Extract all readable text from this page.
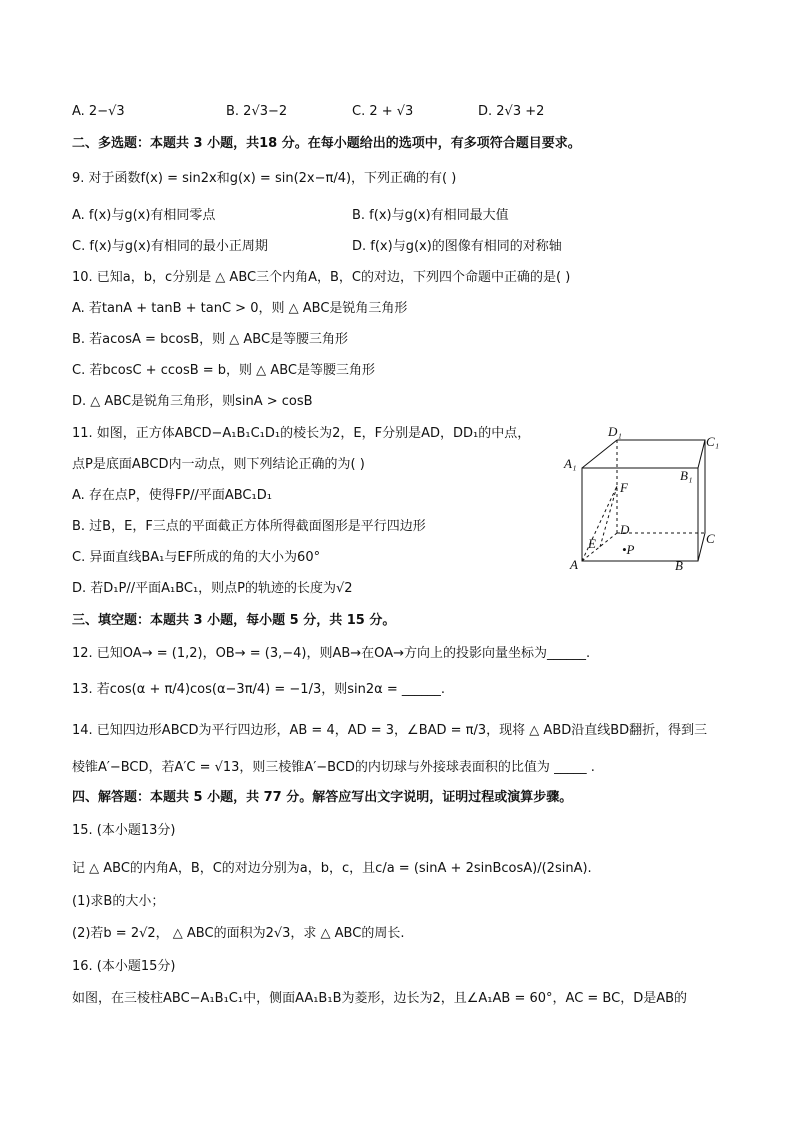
A. 2−√3	B. 2√3−2	C. 2 + √3	D. 2√3 +2
二、多选题：本题共 3 小题，共18 分。在每小题给出的选项中，有多项符合题目要求。
9. 对于函数f(x) = sin2x和g(x) = sin(2x−π/4)，下列正确的有( )
A. f(x)与g(x)有相同零点	B. f(x)与g(x)有相同最大值
C. f(x)与g(x)有相同的最小正周期	D. f(x)与g(x)的图像有相同的对称轴
10. 已知a，b，c分别是 △ ABC三个内角A，B，C的对边，下列四个命题中正确的是( )
A. 若tanA + tanB + tanC > 0，则 △ ABC是锐角三角形
B. 若acosA = bcosB，则 △ ABC是等腰三角形
C. 若bcosC + ccosB = b，则 △ ABC是等腰三角形
D. △ ABC是锐角三角形，则sinA > cosB
11. 如图，正方体ABCD−A₁B₁C₁D₁的棱长为2，E，F分别是AD，DD₁的中点，
点P是底面ABCD内一动点，则下列结论正确的为( )
A. 存在点P，使得FP//平面ABC₁D₁
B. 过B，E，F三点的平面截正方体所得截面图形是平行四边形
C. 异面直线BA₁与EF所成的角的大小为60°
D. 若D₁P//平面A₁BC₁，则点P的轨迹的长度为√2
D₁
C₁
A₁
B₁
F
D
E •P
A	B
C
三、填空题：本题共 3 小题，每小题 5 分，共 15 分。
12. 已知OA→ = (1,2)，OB→ = (3,−4)，则AB→在OA→方向上的投影向量坐标为______.
13. 若cos(α + π/4)cos(α−3π/4) = −1/3，则sin2α = ______.
14. 已知四边形ABCD为平行四边形，AB = 4，AD = 3，∠BAD = π/3，现将 △ ABD沿直线BD翻折，得到三
棱锥A′−BCD，若A′C = √13，则三棱锥A′−BCD的内切球与外接球表面积的比值为 _____ .
四、解答题：本题共 5 小题，共 77 分。解答应写出文字说明，证明过程或演算步骤。
15. (本小题13分)
记 △ ABC的内角A，B，C的对边分别为a，b，c，且c/a = (sinA + 2sinBcosA)/(2sinA).
(1)求B的大小；
(2)若b = 2√2， △ ABC的面积为2√3，求 △ ABC的周长.
16. (本小题15分)
如图，在三棱柱ABC−A₁B₁C₁中，侧面AA₁B₁B为菱形，边长为2，且∠A₁AB = 60°，AC = BC，D是AB的
